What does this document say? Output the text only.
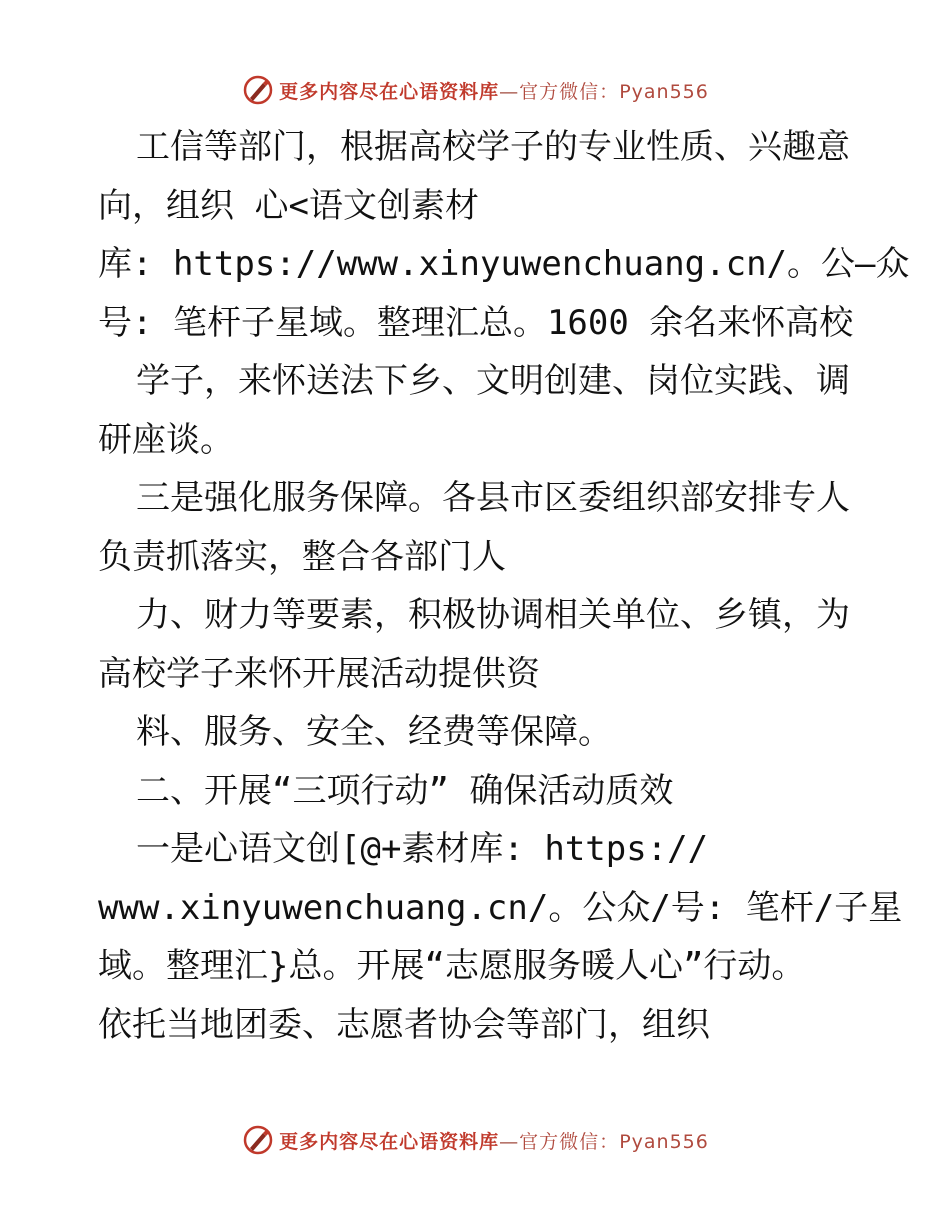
更多内容尽在心语资料库—官方微信：Pyan556
工信等部门，根据高校学子的专业性质、兴趣意
向，组织 心<语文创素材
库: https://www.xinyuwenchuang.cn/。公—众
号: 笔杆子星域。整理汇总。1600 余名来怀高校
学子，来怀送法下乡、文明创建、岗位实践、调
研座谈。
三是强化服务保障。各县市区委组织部安排专人
负责抓落实，整合各部门人
力、财力等要素，积极协调相关单位、乡镇，为
高校学子来怀开展活动提供资
料、服务、安全、经费等保障。
二、开展“三项行动” 确保活动质效
一是心语文创[@+素材库: https://
www.xinyuwenchuang.cn/。公众/号: 笔杆/子星
域。整理汇}总。开展“志愿服务暖人心”行动。
依托当地团委、志愿者协会等部门，组织
更多内容尽在心语资料库—官方微信：Pyan556
